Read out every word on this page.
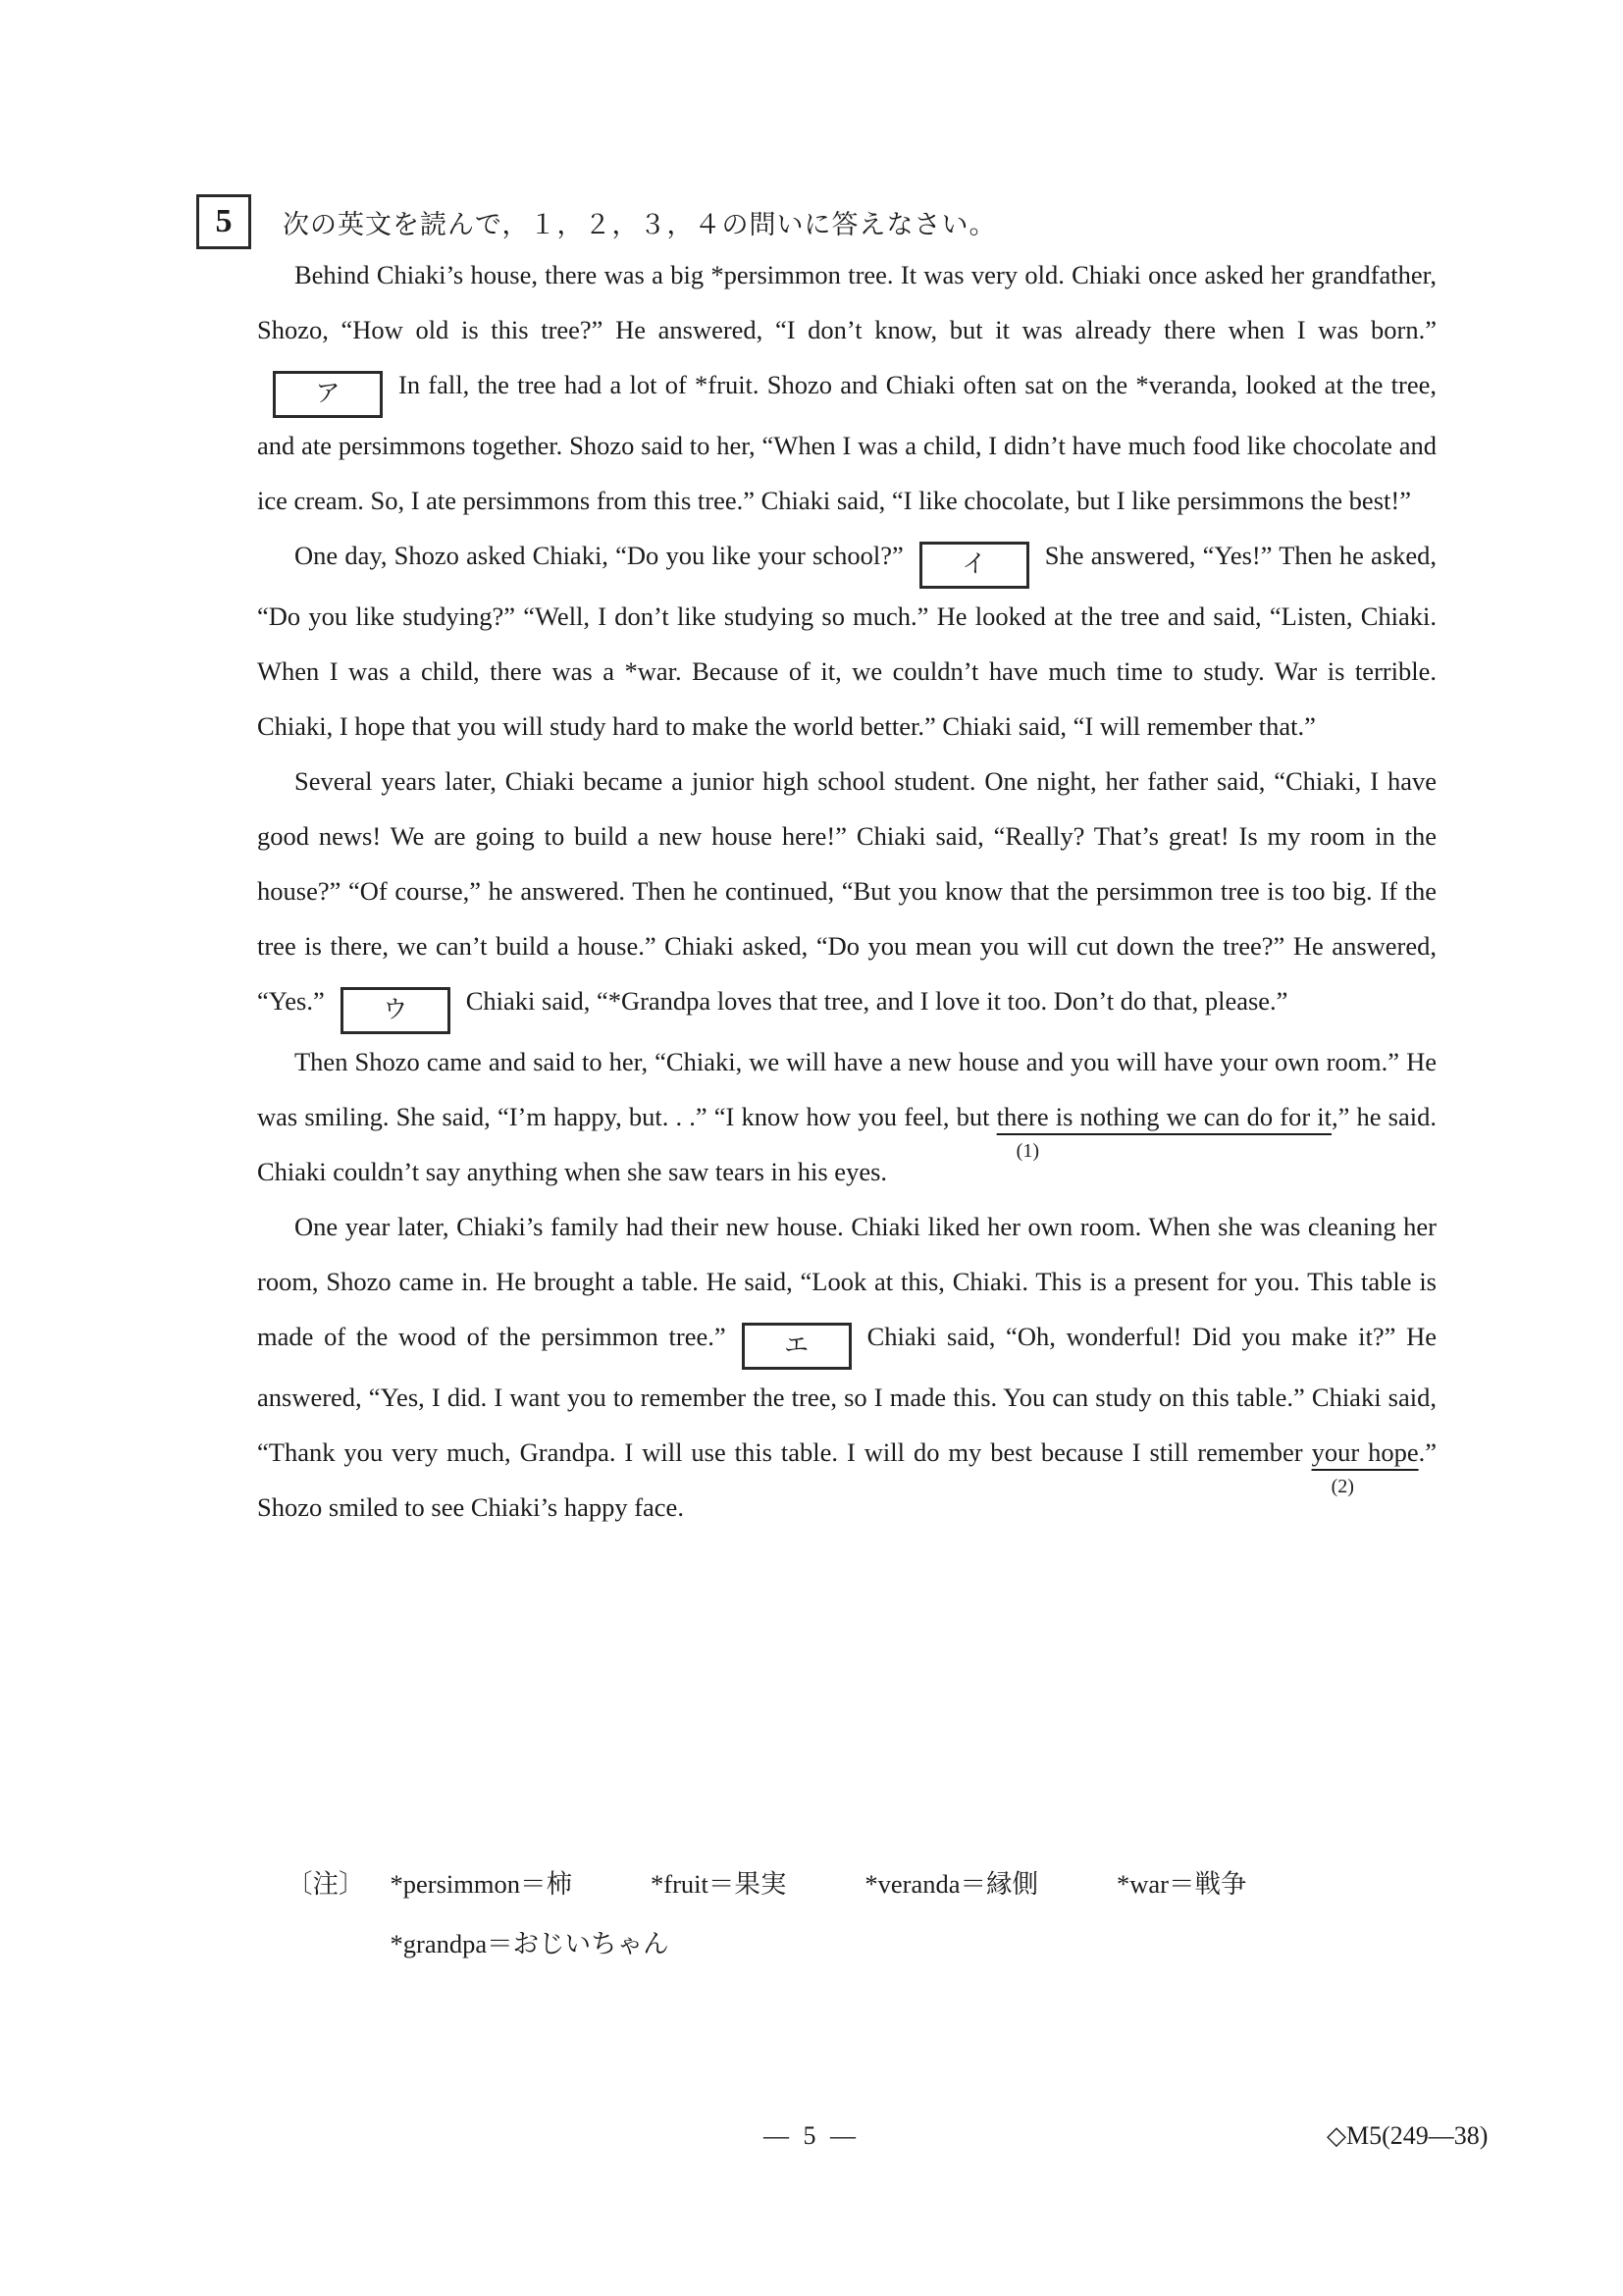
5 次の英文を読んで，１，２，３，４の問いに答えなさい。

Behind Chiaki’s house, there was a big *persimmon tree. It was very old. Chiaki once asked her grandfather, Shozo, “How old is this tree?” He answered, “I don’t know, but it was already there when I was born.”ア In fall, the tree had a lot of *fruit. Shozo and Chiaki often sat on the *veranda, looked at the tree, and ate persimmons together. Shozo said to her, “When I was a child, I didn’t have much food like chocolate and ice cream. So, I ate persimmons from this tree.” Chiaki said, “I like chocolate, but I like persimmons the best!”

One day, Shozo asked Chiaki, “Do you like your school?” イ She answered, “Yes!” Then he asked, “Do you like studying?” “Well, I don’t like studying so much.” He looked at the tree and said, “Listen, Chiaki. When I was a child, there was a *war. Because of it, we couldn’t have much time to study. War is terrible. Chiaki, I hope that you will study hard to make the world better.” Chiaki said, “I will remember that.”

Several years later, Chiaki became a junior high school student. One night, her father said, “Chiaki, I have good news! We are going to build a new house here!” Chiaki said, “Really? That’s great! Is my room in the house?” “Of course,” he answered. Then he continued, “But you know that the persimmon tree is too big. If the tree is there, we can’t build a house.” Chiaki asked, “Do you mean you will cut down the tree?” He answered, “Yes.” ウ Chiaki said, “*Grandpa loves that tree, and I love it too. Don’t do that, please.”

Then Shozo came and said to her, “Chiaki, we will have a new house and you will have your own room.” He was smiling. She said, “I’m happy, but. . .” “I know how you feel, but there is nothing we can do for it
(1)
,” he said. Chiaki couldn’t say anything when she saw tears in his eyes.

One year later, Chiaki’s family had their new house. Chiaki liked her own room. When she was cleaning her room, Shozo came in. He brought a table. He said, “Look at this, Chiaki. This is a present for you. This table is made of the wood of the persimmon tree.” エ Chiaki said, “Oh, wonderful! Did you make it?” He answered, “Yes, I did. I want you to remember the tree, so I made this. You can study on this table.” Chiaki said, “Thank you very much, Grandpa. I will use this table. I will do my best because I still remember your hope
(2)
.” Shozo smiled to see Chiaki’s happy face.

〔注〕 *persimmon＝柿	*fruit＝果実	*veranda＝縁側	*war＝戦争
*grandpa＝おじいちゃん
— 5 —	◇M5(249—38)
